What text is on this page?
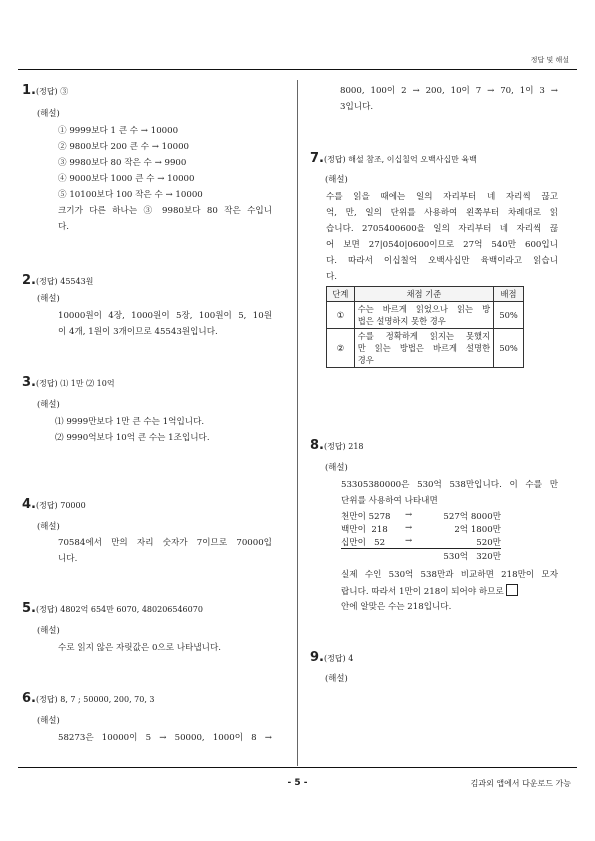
정답 및 해설
1.(정답) ③
(해설)
① 9999보다 1 큰 수 → 10000
② 9800보다 200 큰 수 → 10000
③ 9980보다 80 작은 수 → 9900
④ 9000보다 1000 큰 수 → 10000
⑤ 10100보다 100 작은 수 → 10000
크기가 다른 하나는 ③ 9980보다 80 작은 수입니
다.
2.(정답) 45543원
(해설)
10000원이 4장, 1000원이 5장, 100원이 5, 10원
이 4개, 1원이 3개이므로 45543원입니다.
3.(정답) ⑴ 1만 ⑵ 10억
(해설)
⑴ 9999만보다 1만 큰 수는 1억입니다.
⑵ 9990억보다 10억 큰 수는 1조입니다.
4.(정답) 70000
(해설)
70584에서 만의 자리 숫자가 7이므로 70000입
니다.
5.(정답) 4802억 654만 6070, 480206546070
(해설)
수로 읽지 않은 자릿값은 0으로 나타냅니다.
6.(정답) 8, 7 ; 50000, 200, 70, 3
(해설)
58273은 10000이 5 → 50000, 1000이 8 →
8000, 100이 2 → 200, 10이 7 → 70, 1이 3 →
3입니다.
7.(정답) 해설 참조, 이십칠억 오백사십만 육백
(해설)
수를 읽을 때에는 일의 자리부터 네 자리씩 끊고
억, 만, 일의 단위를 사용하여 왼쪽부터 차례대로 읽
습니다. 2705400600을 일의 자리부터 네 자리씩 끊
어 보면 27|0540|0600이므로 27억 540만 600입니
다. 따라서 이십칠억 오백사십만 육백이라고 읽습니
다.
단계	채점 기준	배점
①	수는 바르게 읽었으나 읽는 방
법은 설명하지 못한 경우	50%
②	수를 정확하게 읽지는 못했지
만 읽는 방법은 바르게 설명한
경우	50%
8.(정답) 218
(해설)
53305380000은 530억 538만입니다. 이 수를 만
단위를 사용하여 나타내면
천만이 5278 →	527억 8000만
백만이  218 →	2억 1800만
십만이   52 →	520만
530억   320만
실제 수인 530억 538만과 비교하면 218만이 모자
랍니다. 따라서 1만이 218이 되어야 하므로
안에 알맞은 수는 218입니다.
9.(정답) 4
(해설)
- 5 -	김과외 앱에서 다운로드 가능
